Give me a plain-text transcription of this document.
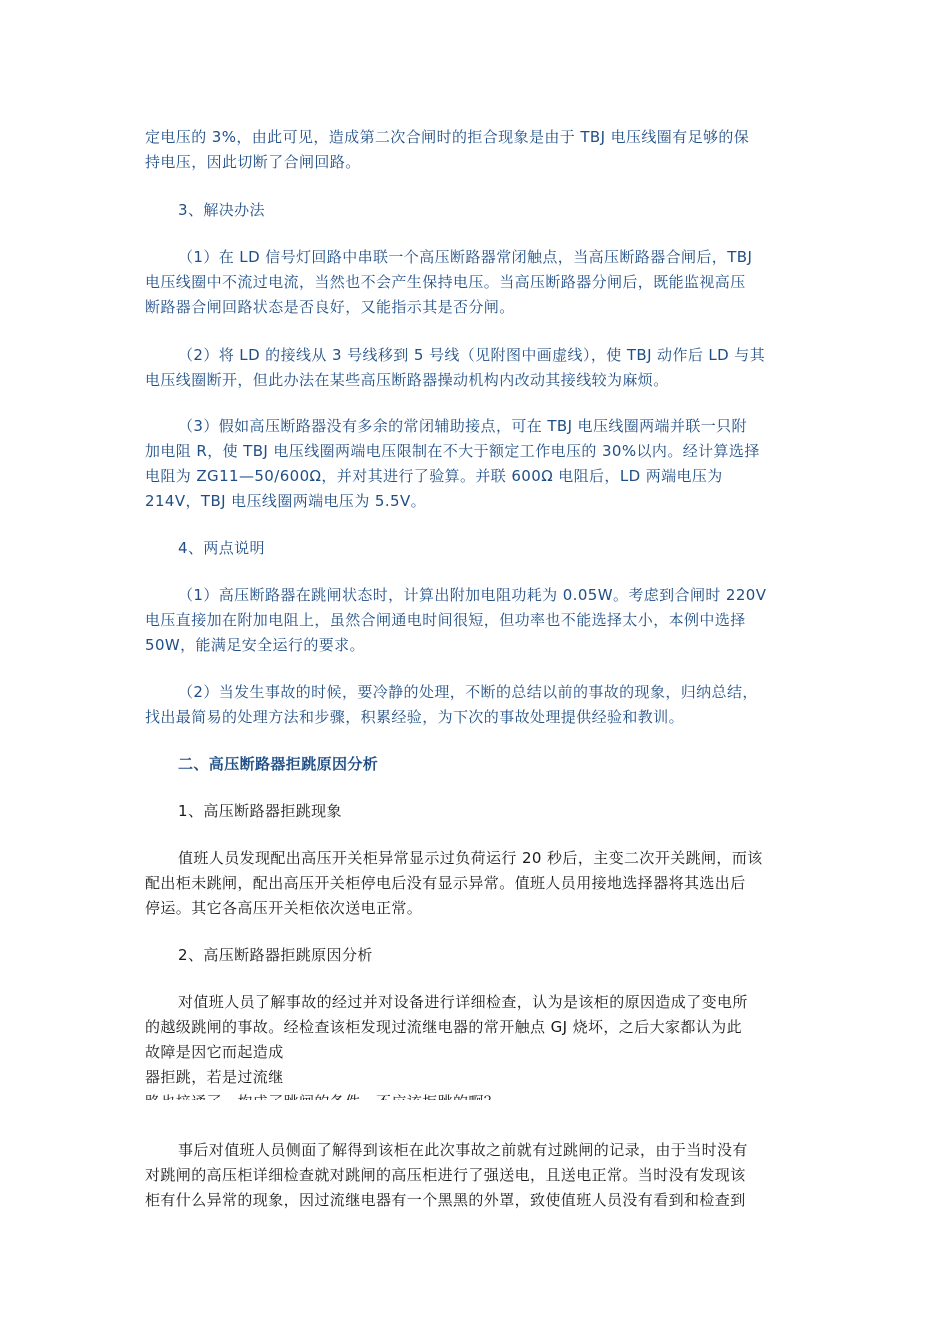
定电压的 3%，由此可见，造成第二次合闸时的拒合现象是由于 TBJ 电压线圈有足够的保
持电压，因此切断了合闸回路。
3、解决办法
（1）在 LD 信号灯回路中串联一个高压断路器常闭触点，当高压断路器合闸后，TBJ
电压线圈中不流过电流，当然也不会产生保持电压。当高压断路器分闸后，既能监视高压
断路器合闸回路状态是否良好，又能指示其是否分闸。
（2）将 LD 的接线从 3 号线移到 5 号线（见附图中画虚线），使 TBJ 动作后 LD 与其
电压线圈断开，但此办法在某些高压断路器操动机构内改动其接线较为麻烦。
（3）假如高压断路器没有多余的常闭辅助接点，可在 TBJ 电压线圈两端并联一只附
加电阻 R，使 TBJ 电压线圈两端电压限制在不大于额定工作电压的 30%以内。经计算选择
电阻为 ZG11—50/600Ω，并对其进行了验算。并联 600Ω 电阻后，LD 两端电压为
214V，TBJ 电压线圈两端电压为 5.5V。
4、两点说明
（1）高压断路器在跳闸状态时，计算出附加电阻功耗为 0.05W。考虑到合闸时 220V
电压直接加在附加电阻上，虽然合闸通电时间很短，但功率也不能选择太小，本例中选择
50W，能满足安全运行的要求。
（2）当发生事故的时候，要冷静的处理，不断的总结以前的事故的现象，归纳总结，
找出最简易的处理方法和步骤，积累经验，为下次的事故处理提供经验和教训。
二、高压断路器拒跳原因分析
1、高压断路器拒跳现象
值班人员发现配出高压开关柜异常显示过负荷运行 20 秒后，主变二次开关跳闸，而该
配出柜未跳闸，配出高压开关柜停电后没有显示异常。值班人员用接地选择器将其选出后
停运。其它各高压开关柜依次送电正常。
2、高压断路器拒跳原因分析
对值班人员了解事故的经过并对设备进行详细检查，认为是该柜的原因造成了变电所
的越级跳闸的事故。经检查该柜发现过流继电器的常开触点 GJ 烧坏，之后大家都认为此
故障是因它而起造成
器拒跳，若是过流继
事后对值班人员侧面了解得到该柜在此次事故之前就有过跳闸的记录，由于当时没有
对跳闸的高压柜详细检查就对跳闸的高压柜进行了强送电，且送电正常。当时没有发现该
柜有什么异常的现象，因过流继电器有一个黑黑的外罩，致使值班人员没有看到和检查到
